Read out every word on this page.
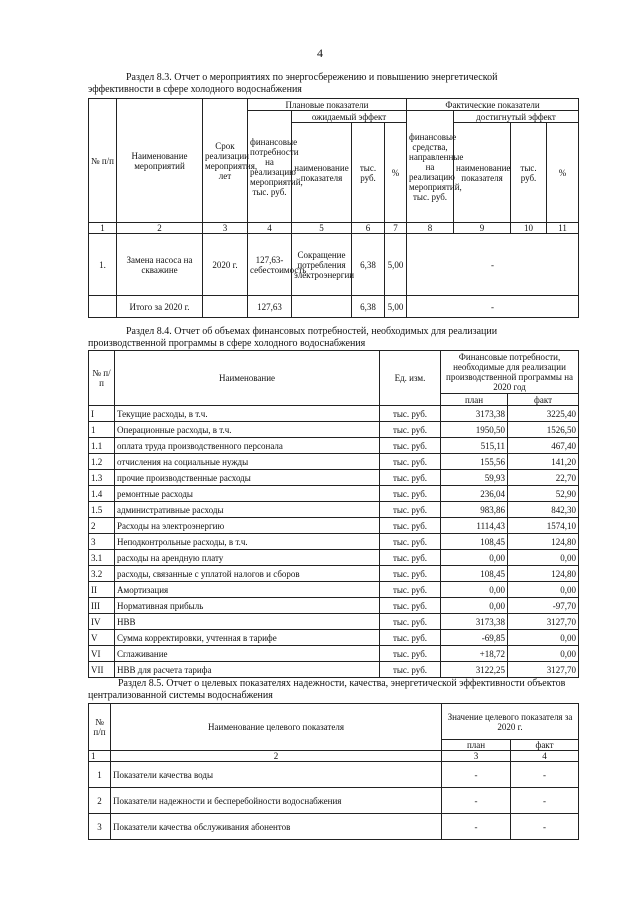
4
Раздел 8.3. Отчет о мероприятиях по энергосбережению и повышению энергетической
эффективности в сфере холодного водоснабжения
№ п/п	Наименование мероприятий	Срок реализации мероприятия, лет	Плановые показатели				Фактические показатели			
			финансовые потребности на реализацию мероприятий, тыс. руб.	ожидаемый эффект			финансовые средства, направленные на реализацию мероприятий, тыс. руб.	достигнутый эффект		
				наименование показателя	тыс. руб.	%		наименование показателя	тыс. руб.	%
1	2	3	4	5	6	7	8	9	10	11
1.	Замена насоса на скважине	2020 г.	127,63- себестоимость	Сокращение потребления электроэнергии	6,38	5,00	-			
	Итого за 2020 г.		127,63		6,38	5,00	-			
Раздел 8.4. Отчет об объемах финансовых потребностей, необходимых для реализации
производственной программы в сфере холодного водоснабжения
№ п/п	Наименование	Ед. изм.	Финансовые потребности, необходимые для реализации производственной программы на 2020 год	
			план	факт
I	Текущие расходы, в т.ч.	тыс. руб.	3173,38	3225,40
1	Операционные расходы, в т.ч.	тыс. руб.	1950,50	1526,50
1.1	оплата труда производственного персонала	тыс. руб.	515,11	467,40
1.2	отчисления на социальные нужды	тыс. руб.	155,56	141,20
1.3	прочие производственные расходы	тыс. руб.	59,93	22,70
1.4	ремонтные расходы	тыс. руб.	236,04	52,90
1.5	административные расходы	тыс. руб.	983,86	842,30
2	Расходы на электроэнергию	тыс. руб.	1114,43	1574,10
3	Неподконтрольные расходы, в т.ч.	тыс. руб.	108,45	124,80
3.1	расходы на арендную плату	тыс. руб.	0,00	0,00
3.2	расходы, связанные с уплатой налогов и сборов	тыс. руб.	108,45	124,80
II	Амортизация	тыс. руб.	0,00	0,00
III	Нормативная прибыль	тыс. руб.	0,00	-97,70
IV	НВВ	тыс. руб.	3173,38	3127,70
V	Сумма корректировки, учтенная в тарифе	тыс. руб.	-69,85	0,00
VI	Сглаживание	тыс. руб.	+18,72	0,00
VII	НВВ для расчета тарифа	тыс. руб.	3122,25	3127,70
Раздел 8.5. Отчет о целевых показателях надежности, качества, энергетической эффективности объектов
централизованной системы водоснабжения
№ п/п	Наименование целевого показателя	Значение целевого показателя за 2020 г.	
		план	факт
1	2	3	4
1	Показатели качества воды	-	-
2	Показатели надежности и бесперебойности водоснабжения	-	-
3	Показатели качества обслуживания абонентов	-	-
